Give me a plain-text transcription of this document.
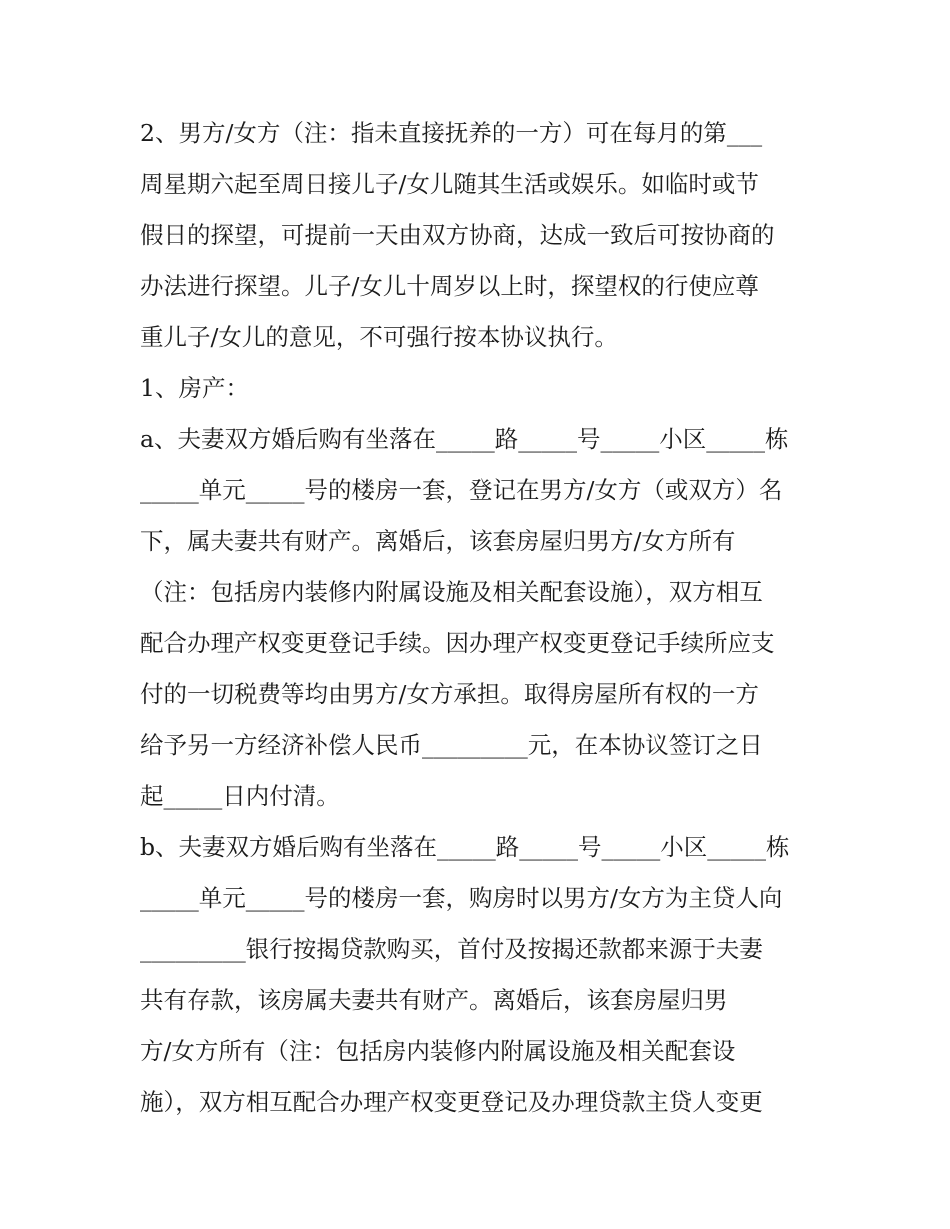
2、男方/女方（注：指未直接抚养的一方）可在每月的第___
周星期六起至周日接儿子/女儿随其生活或娱乐。如临时或节
假日的探望，可提前一天由双方协商，达成一致后可按协商的
办法进行探望。儿子/女儿十周岁以上时，探望权的行使应尊
重儿子/女儿的意见，不可强行按本协议执行。
1、房产：
a、夫妻双方婚后购有坐落在_____路_____号_____小区_____栋
_____单元_____号的楼房一套，登记在男方/女方（或双方）名
下，属夫妻共有财产。离婚后，该套房屋归男方/女方所有
（注：包括房内装修内附属设施及相关配套设施），双方相互
配合办理产权变更登记手续。因办理产权变更登记手续所应支
付的一切税费等均由男方/女方承担。取得房屋所有权的一方
给予另一方经济补偿人民币_________元，在本协议签订之日
起_____日内付清。
b、夫妻双方婚后购有坐落在_____路_____号_____小区_____栋
_____单元_____号的楼房一套，购房时以男方/女方为主贷人向
_________银行按揭贷款购买，首付及按揭还款都来源于夫妻
共有存款，该房属夫妻共有财产。离婚后，该套房屋归男
方/女方所有（注：包括房内装修内附属设施及相关配套设
施），双方相互配合办理产权变更登记及办理贷款主贷人变更
